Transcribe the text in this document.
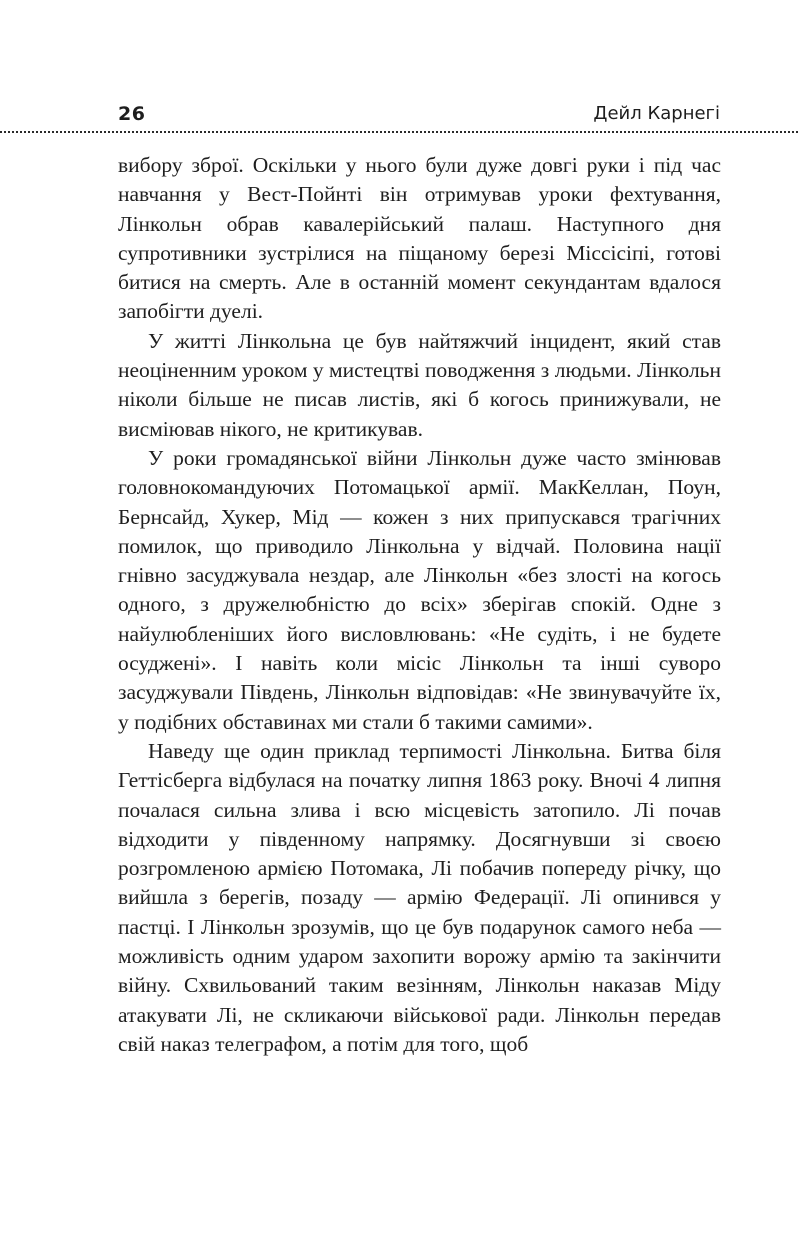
26	Дейл Карнегі

вибору зброї. Оскільки у нього були дуже довгі руки і під час навчання у Вест-Пойнті він отримував уроки фехтування, Лінкольн обрав кавалерійський палаш. Наступного дня супротивники зустрілися на піщаному березі Міссісіпі, готові битися на смерть. Але в останній момент секундантам вдалося запобігти дуелі.

У житті Лінкольна це був найтяжчий інцидент, який став неоціненним уроком у мистецтві поводження з людьми. Лінкольн ніколи більше не писав листів, які б когось принижували, не висміював нікого, не критикував.

У роки громадянської війни Лінкольн дуже часто змінював головнокомандуючих Потомацької армії. МакКеллан, Поун, Бернсайд, Хукер, Мід — кожен з них припускався трагічних помилок, що приводило Лінкольна у відчай. Половина нації гнівно засуджувала нездар, але Лінкольн «без злості на когось одного, з дружелюбністю до всіх» зберігав спокій. Одне з найулюбленіших його висловлювань: «Не судіть, і не будете осуджені». І навіть коли місіс Лінкольн та інші суворо засуджували Південь, Лінкольн відповідав: «Не звинувачуйте їх, у подібних обставинах ми стали б такими самими».

Наведу ще один приклад терпимості Лінкольна. Битва біля Геттісберга відбулася на початку липня 1863 року. Вночі 4 липня почалася сильна злива і всю місцевість затопило. Лі почав відходити у південному напрямку. Досягнувши зі своєю розгромленою армією Потомака, Лі побачив попереду річку, що вийшла з берегів, позаду — армію Федерації. Лі опинився у пастці. І Лінкольн зрозумів, що це був подарунок самого неба — можливість одним ударом захопити ворожу армію та закінчити війну. Схвильований таким везінням, Лінкольн наказав Міду атакувати Лі, не скликаючи військової ради. Лінкольн передав свій наказ телеграфом, а потім для того, щоб
